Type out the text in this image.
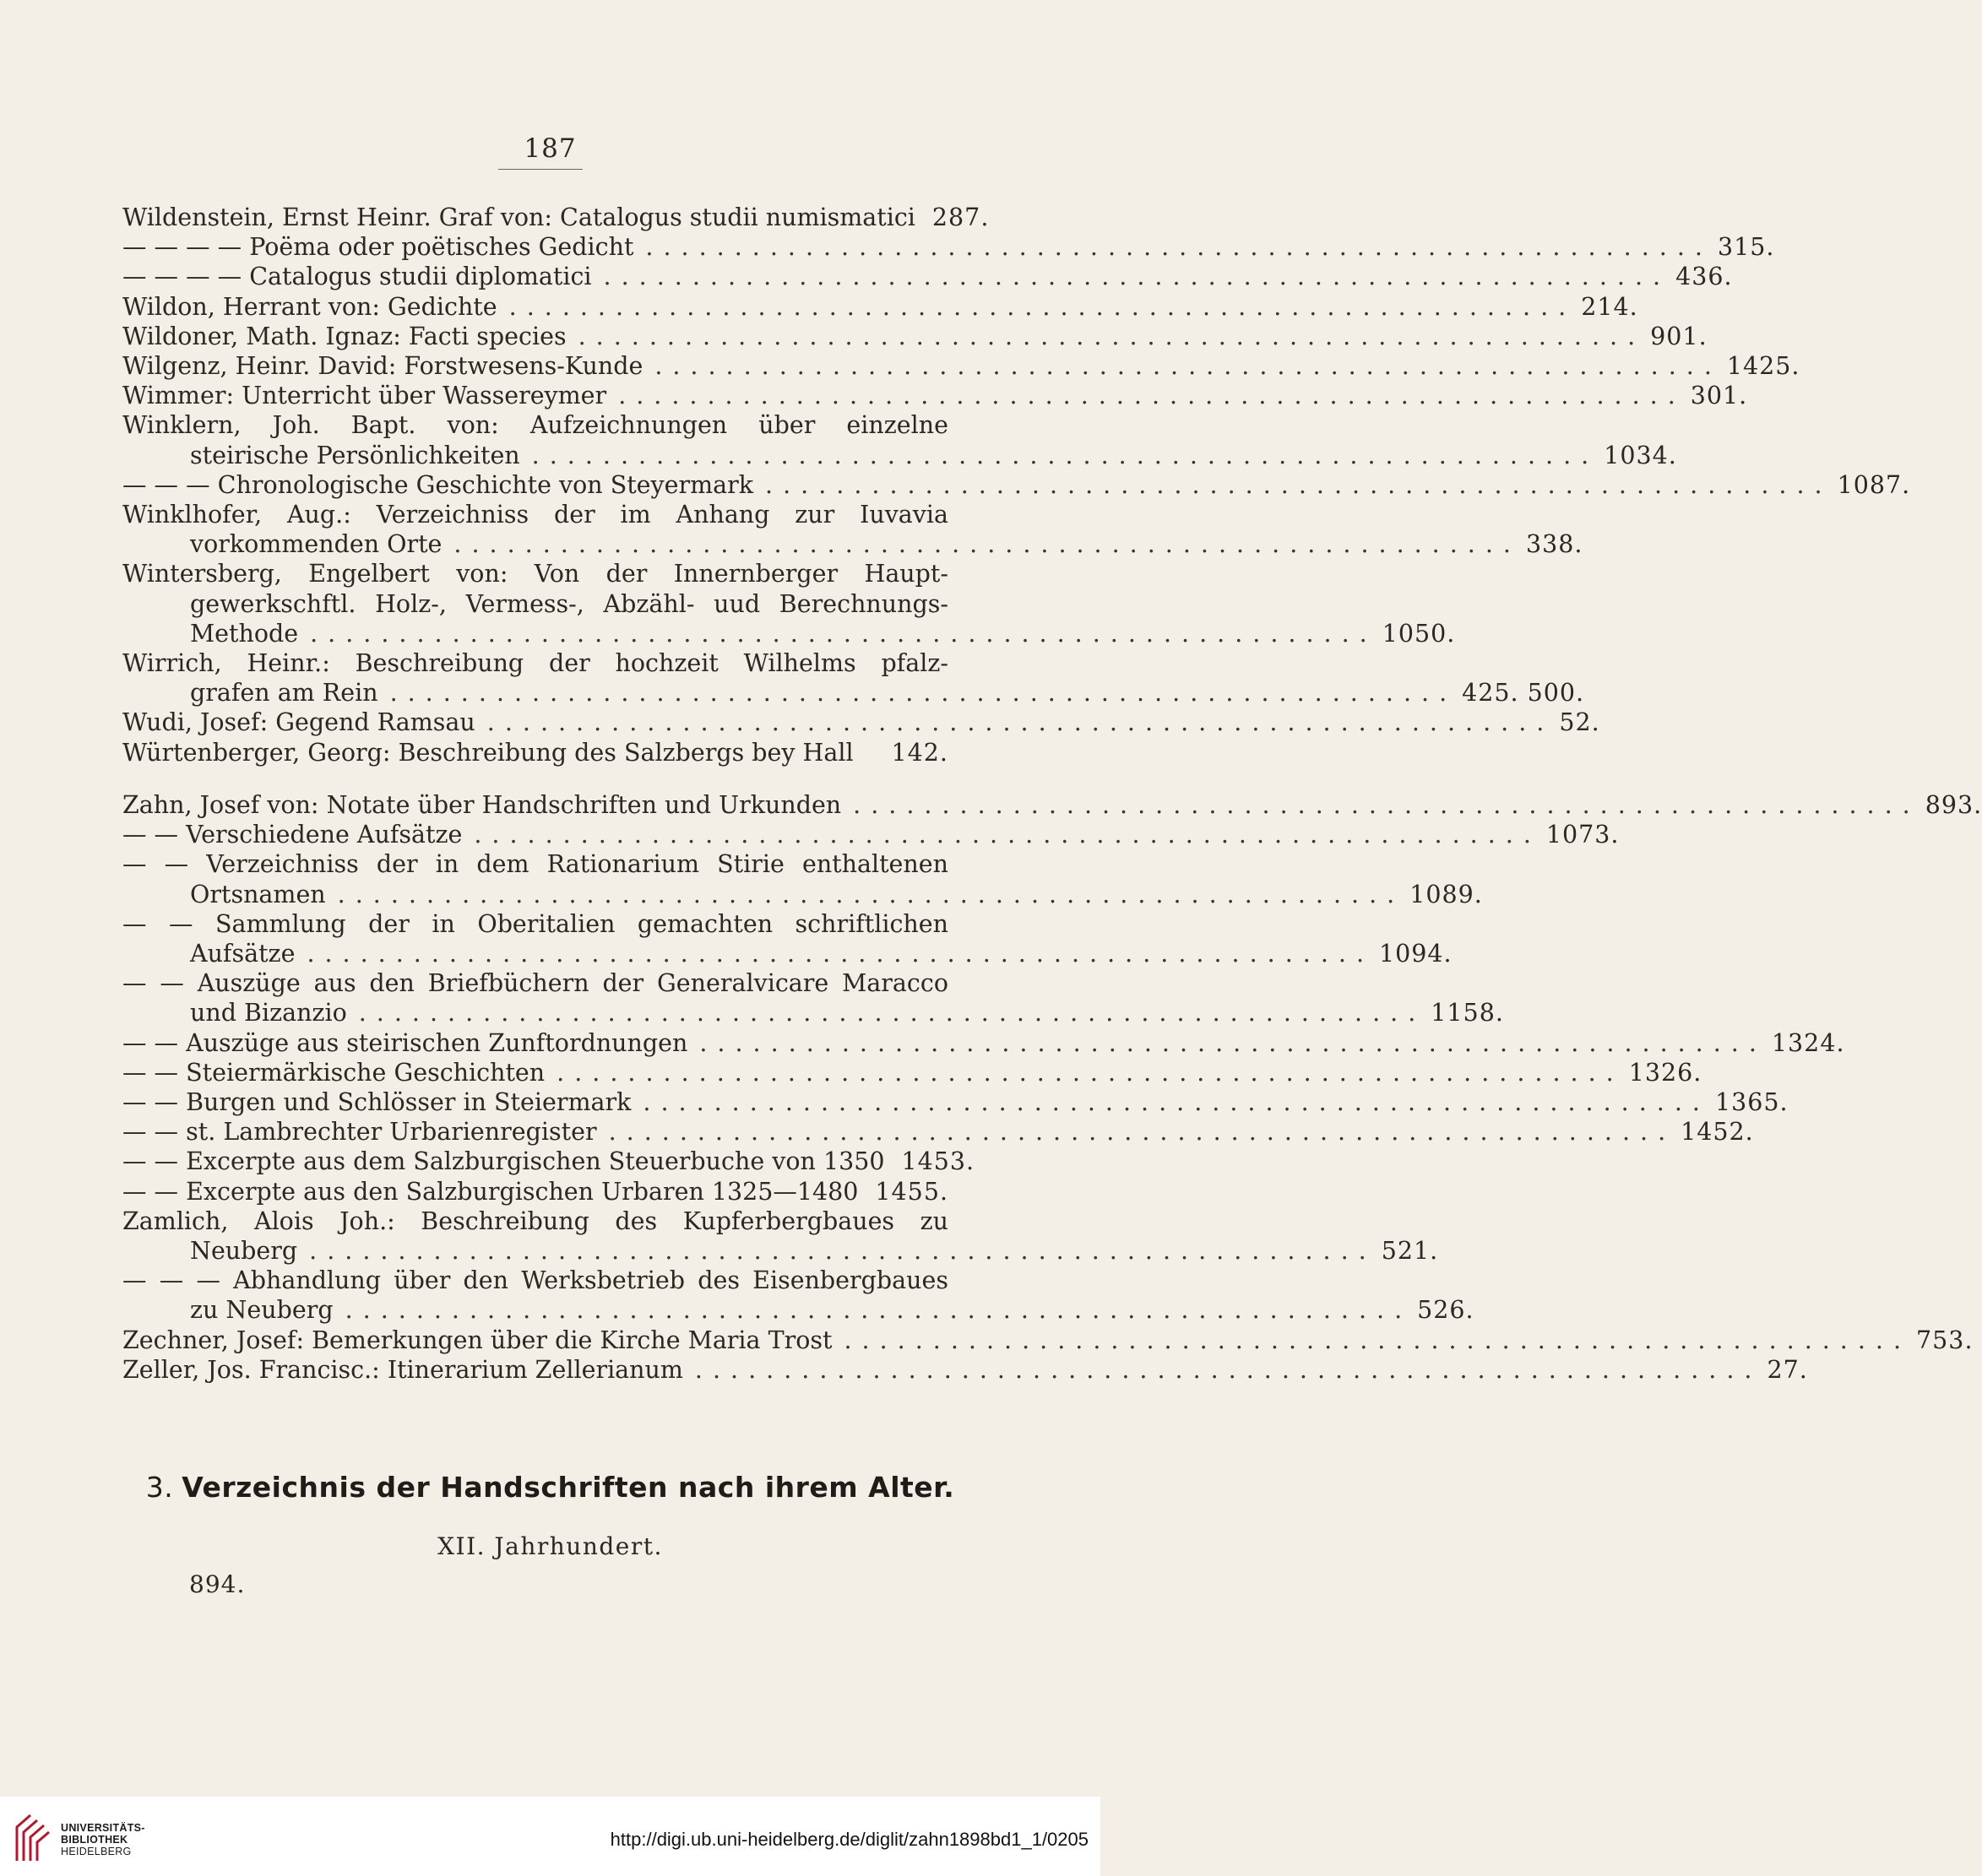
187
Wildenstein, Ernst Heinr. Graf von: Catalogus studii numismatici 287.
— — — — Poëma oder poëtisches Gedicht ............................................................ 315.
— — — — Catalogus studii diplomatici ............................................................ 436.
Wildon, Herrant von: Gedichte ............................................................ 214.
Wildoner, Math. Ignaz: Facti species ............................................................ 901.
Wilgenz, Heinr. David: Forstwesens-Kunde ............................................................ 1425.
Wimmer: Unterricht über Wassereymer ............................................................ 301.
Winklern, Joh. Bapt. von: Aufzeichnungen über einzelne
steirische Persönlichkeiten ............................................................ 1034.
— — — Chronologische Geschichte von Steyermark ............................................................ 1087.
Winklhofer, Aug.: Verzeichniss der im Anhang zur Iuvavia
vorkommenden Orte ............................................................ 338.
Wintersberg, Engelbert von: Von der Innernberger Haupt-
gewerkschftl. Holz-, Vermess-, Abzähl- uud Berechnungs-
Methode ............................................................ 1050.
Wirrich, Heinr.: Beschreibung der hochzeit Wilhelms pfalz-
grafen am Rein ............................................................ 425. 500.
Wudi, Josef: Gegend Ramsau ............................................................ 52.
Würtenberger, Georg: Beschreibung des Salzbergs bey Hall 142.
Zahn, Josef von: Notate über Handschriften und Urkunden ............................................................ 893.
— — Verschiedene Aufsätze ............................................................ 1073.
— — Verzeichniss der in dem Rationarium Stirie enthaltenen
Ortsnamen ............................................................ 1089.
— — Sammlung der in Oberitalien gemachten schriftlichen
Aufsätze ............................................................ 1094.
— — Auszüge aus den Briefbüchern der Generalvicare Maracco
und Bizanzio ............................................................ 1158.
— — Auszüge aus steirischen Zunftordnungen ............................................................ 1324.
— — Steiermärkische Geschichten ............................................................ 1326.
— — Burgen und Schlösser in Steiermark ............................................................ 1365.
— — st. Lambrechter Urbarienregister ............................................................ 1452.
— — Excerpte aus dem Salzburgischen Steuerbuche von 1350 1453.
— — Excerpte aus den Salzburgischen Urbaren 1325—1480 1455.
Zamlich, Alois Joh.: Beschreibung des Kupferbergbaues zu
Neuberg ............................................................ 521.
— — — Abhandlung über den Werksbetrieb des Eisenbergbaues
zu Neuberg ............................................................ 526.
Zechner, Josef: Bemerkungen über die Kirche Maria Trost ............................................................ 753.
Zeller, Jos. Francisc.: Itinerarium Zellerianum ............................................................ 27.
3. Verzeichnis der Handschriften nach ihrem Alter.
XII. Jahrhundert.
894.
UNIVERSITÄTS-
BIBLIOTHEK
HEIDELBERG
http://digi.ub.uni-heidelberg.de/diglit/zahn1898bd1_1/0205
